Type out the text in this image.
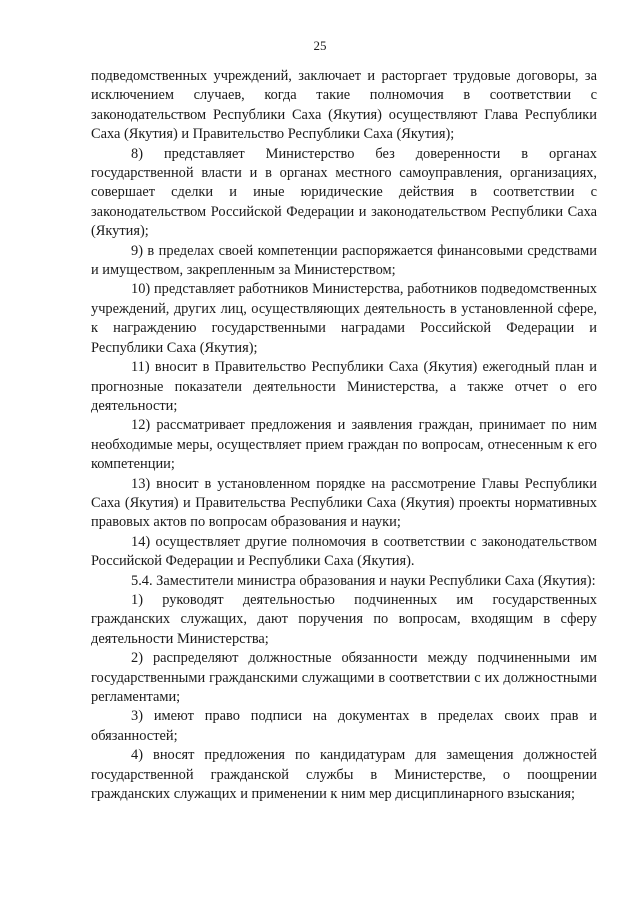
25

подведомственных учреждений, заключает и расторгает трудовые договоры, за исключением случаев, когда такие полномочия в соответствии с законодательством Республики Саха (Якутия) осуществляют Глава Республики Саха (Якутия) и Правительство Республики Саха (Якутия);

8) представляет Министерство без доверенности в органах государственной власти и в органах местного самоуправления, организациях, совершает сделки и иные юридические действия в соответствии с законодательством Российской Федерации и законодательством Республики Саха (Якутия);

9) в пределах своей компетенции распоряжается финансовыми средствами и имуществом, закрепленным за Министерством;

10) представляет работников Министерства, работников подведомственных учреждений, других лиц, осуществляющих деятельность в установленной сфере, к награждению государственными наградами Российской Федерации и Республики Саха (Якутия);

11) вносит в Правительство Республики Саха (Якутия) ежегодный план и прогнозные показатели деятельности Министерства, а также отчет о его деятельности;

12) рассматривает предложения и заявления граждан, принимает по ним необходимые меры, осуществляет прием граждан по вопросам, отнесенным к его компетенции;

13) вносит в установленном порядке на рассмотрение Главы Республики Саха (Якутия) и Правительства Республики Саха (Якутия) проекты нормативных правовых актов по вопросам образования и науки;

14) осуществляет другие полномочия в соответствии с законодательством Российской Федерации и Республики Саха (Якутия).

5.4. Заместители министра образования и науки Республики Саха (Якутия):

1) руководят деятельностью подчиненных им государственных гражданских служащих, дают поручения по вопросам, входящим в сферу деятельности Министерства;

2) распределяют должностные обязанности между подчиненными им государственными гражданскими служащими в соответствии с их должностными регламентами;

3) имеют право подписи на документах в пределах своих прав и обязанностей;

4) вносят предложения по кандидатурам для замещения должностей государственной гражданской службы в Министерстве, о поощрении гражданских служащих и применении к ним мер дисциплинарного взыскания;
